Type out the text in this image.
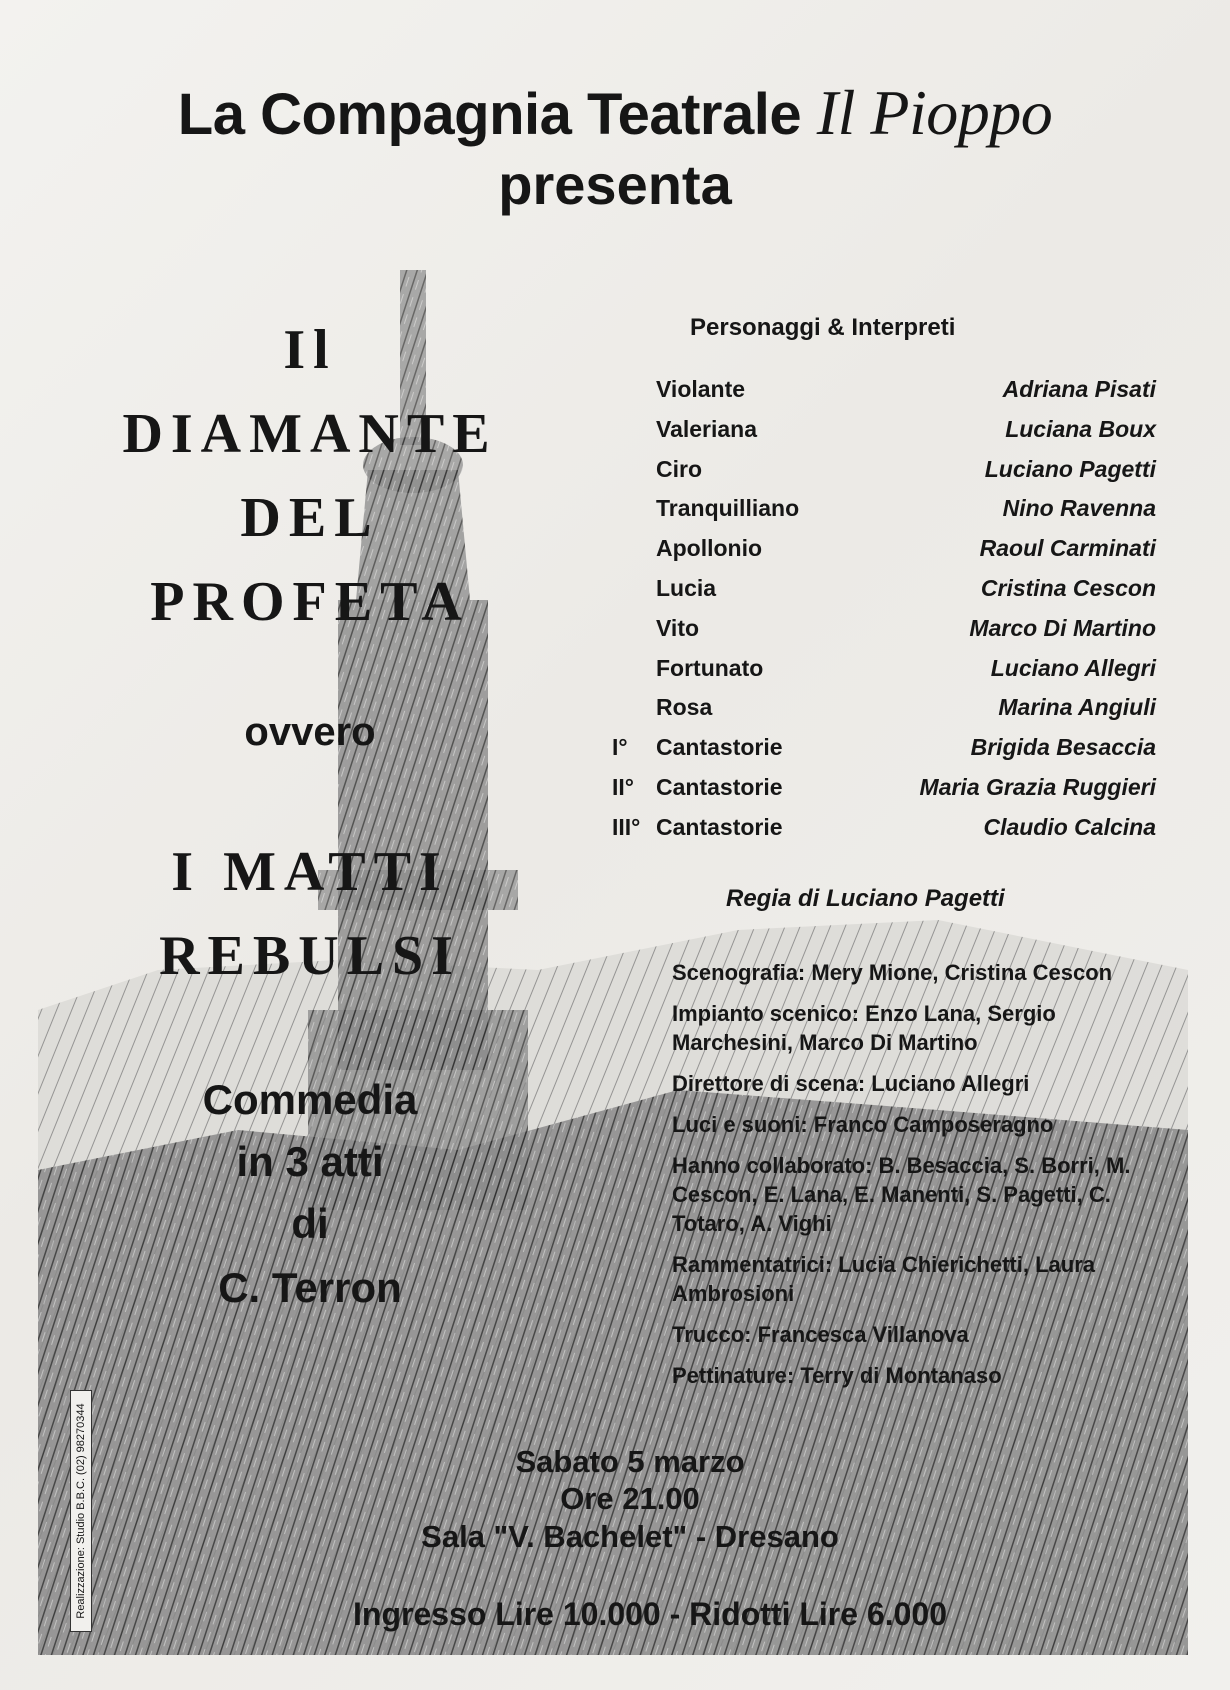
La Compagnia Teatrale Il Pioppo
presenta
Il
DIAMANTE
DEL
PROFETA
ovvero
I MATTI
REBULSI
Commedia
in 3 atti
di
C. Terron
Personaggi & Interpreti
Violante	Adriana Pisati
Valeriana	Luciana Boux
Ciro	Luciano Pagetti
Tranquilliano	Nino Ravenna
Apollonio	Raoul Carminati
Lucia	Cristina Cescon
Vito	Marco Di Martino
Fortunato	Luciano Allegri
Rosa	Marina Angiuli
I° Cantastorie	Brigida Besaccia
II° Cantastorie	Maria Grazia Ruggieri
III° Cantastorie	Claudio Calcina
Regia di Luciano Pagetti
Scenografia: Mery Mione, Cristina Cescon
Impianto scenico: Enzo Lana, Sergio Marchesini, Marco Di Martino
Direttore di scena: Luciano Allegri
Luci e suoni: Franco Camposeragno
Hanno collaborato: B. Besaccia, S. Borri, M. Cescon, E. Lana, E. Manenti, S. Pagetti, C. Totaro, A. Vighi
Rammentatrici: Lucia Chierichetti, Laura Ambrosioni
Trucco: Francesca Villanova
Pettinature: Terry di Montanaso
Sabato 5 marzo
Ore 21.00
Sala "V. Bachelet" - Dresano
Ingresso Lire 10.000 - Ridotti Lire 6.000
Realizzazione: Studio B.B.C. (02) 98270344
